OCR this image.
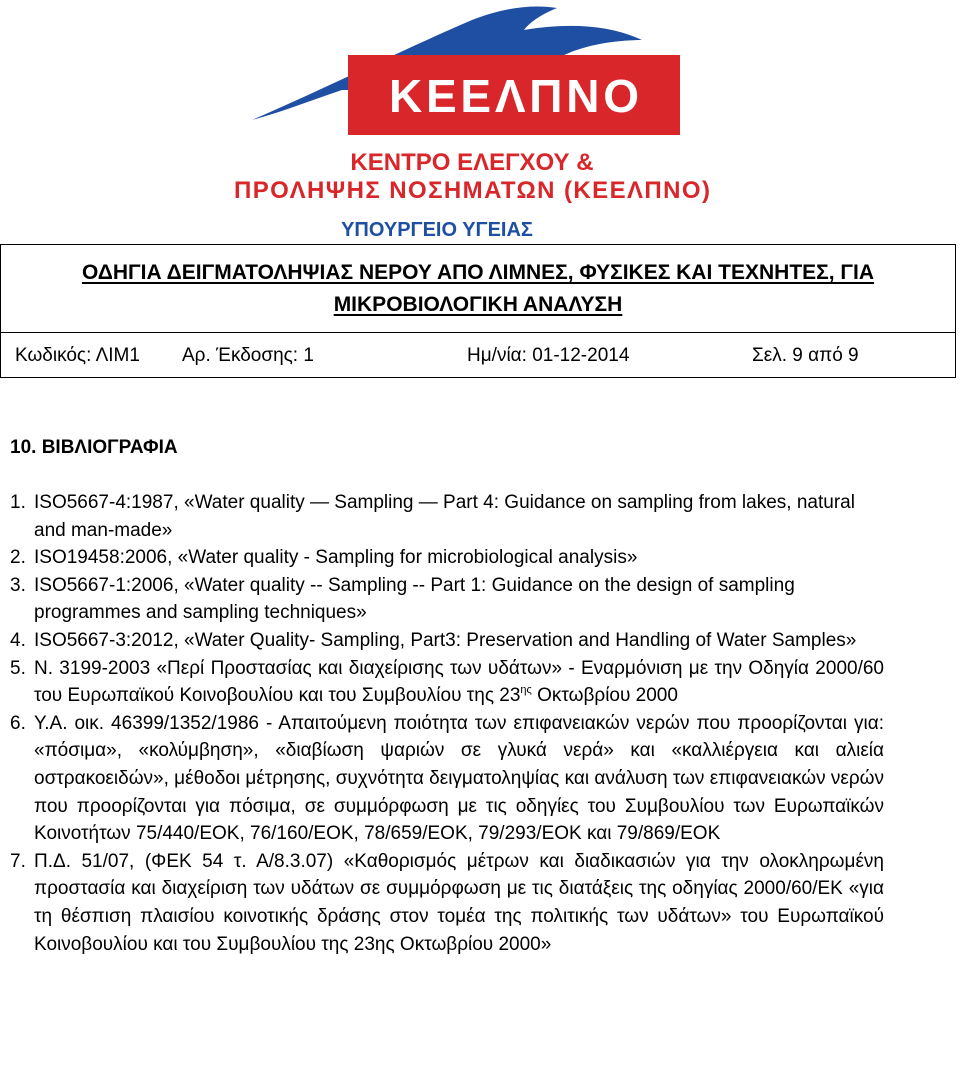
ΚΕΕΛΠΝΟ
ΚΕΝΤΡΟ ΕΛΕΓΧΟΥ &
ΠΡΟΛΗΨΗΣ ΝΟΣΗΜΑΤΩΝ (ΚΕΕΛΠΝΟ)
ΥΠΟΥΡΓΕΙΟ ΥΓΕΙΑΣ
ΟΔΗΓΙΑ ΔΕΙΓΜΑΤΟΛΗΨΙΑΣ ΝΕΡΟΥ ΑΠΟ ΛΙΜΝΕΣ, ΦΥΣΙΚΕΣ ΚΑΙ ΤΕΧΝΗΤΕΣ, ΓΙΑ
ΜΙΚΡΟΒΙΟΛΟΓΙΚΗ ΑΝΑΛΥΣΗ
Κωδικός: ΛΙΜ1 Αρ. Έκδοσης: 1	Ημ/νία: 01-12-2014	Σελ. 9 από 9
10. ΒΙΒΛΙΟΓΡΑΦΙΑ
1. ISO5667-4:1987, «Water quality — Sampling — Part 4: Guidance on sampling from lakes, natural and man-made»
2. ISO19458:2006, «Water quality - Sampling for microbiological analysis»
3. ISO5667-1:2006, «Water quality -- Sampling -- Part 1: Guidance on the design of sampling programmes and sampling techniques»
4. ISO5667-3:2012, «Water Quality- Sampling, Part3: Preservation and Handling of Water Samples»
5. Ν. 3199-2003 «Περί Προστασίας και διαχείρισης των υδάτων» - Εναρμόνιση με την Οδηγία 2000/60 του Ευρωπαϊκού Κοινοβουλίου και του Συμβουλίου της $23^{\eta\varsigma}$ Οκτωβρίου 2000
6. Υ.Α. οικ. 46399/1352/1986 - Απαιτούμενη ποιότητα των επιφανειακών νερών που προορίζονται για: «πόσιμα», «κολύμβηση», «διαβίωση ψαριών σε γλυκά νερά» και «καλλιέργεια και αλιεία οστρακοειδών», μέθοδοι μέτρησης, συχνότητα δειγματοληψίας και ανάλυση των επιφανειακών νερών που προορίζονται για πόσιμα, σε συμμόρφωση με τις οδηγίες του Συμβουλίου των Ευρωπαϊκών Κοινοτήτων 75/440/ΕΟΚ, 76/160/ΕΟΚ, 78/659/ΕΟΚ, 79/293/ΕΟΚ και 79/869/ΕΟΚ
7. Π.Δ. 51/07, (ΦΕΚ 54 τ. Α/8.3.07) «Καθορισμός μέτρων και διαδικασιών για την ολοκληρωμένη προστασία και διαχείριση των υδάτων σε συμμόρφωση με τις διατάξεις της οδηγίας 2000/60/ΕΚ «για τη θέσπιση πλαισίου κοινοτικής δράσης στον τομέα της πολιτικής των υδάτων» του Ευρωπαϊκού Κοινοβουλίου και του Συμβουλίου της 23ης Οκτωβρίου 2000»
